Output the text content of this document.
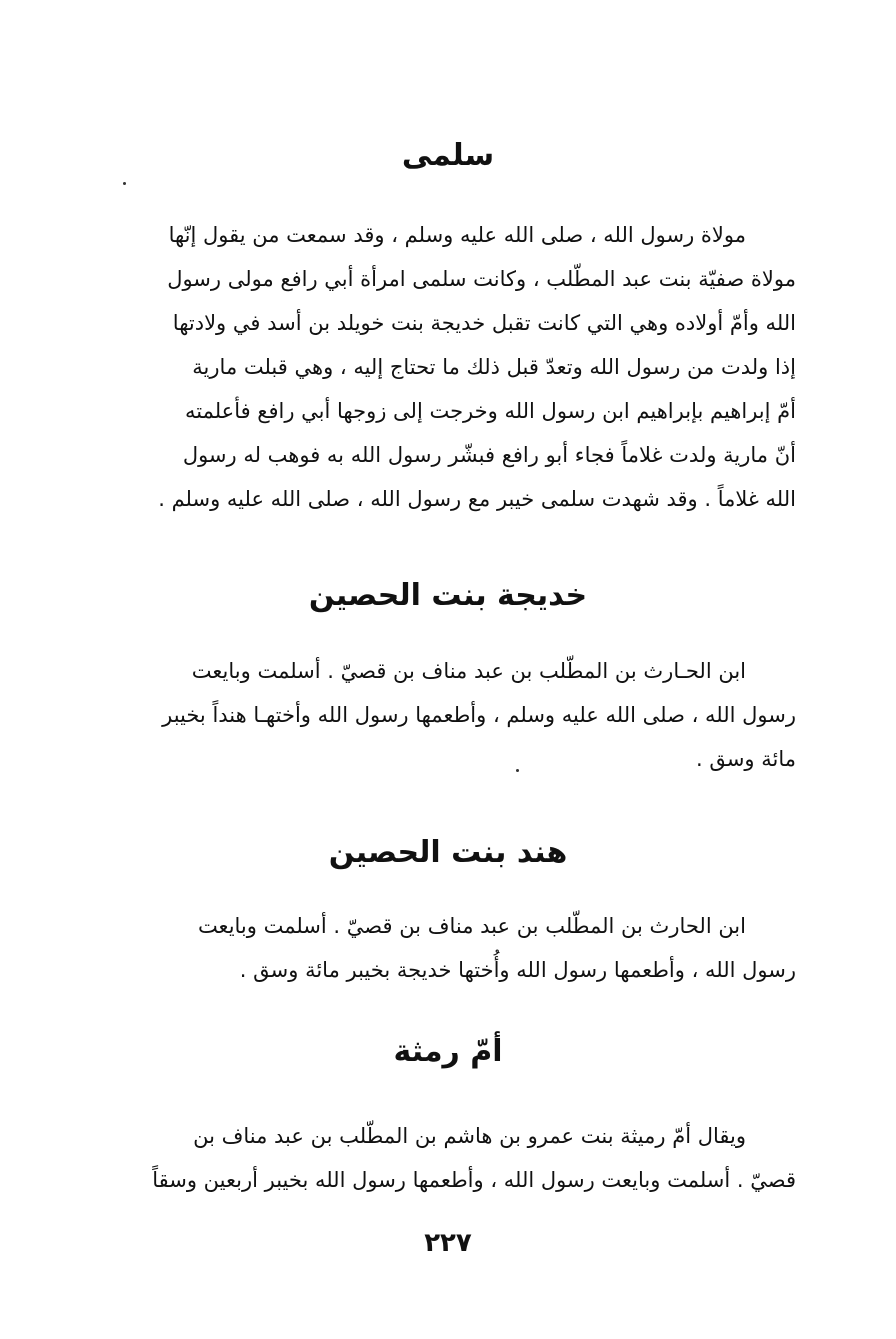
سلمى
مولاة رسول الله ، صلى الله عليه وسلم ، وقد سمعت من يقول إنّها
مولاة صفيّة بنت عبد المطّلب ، وكانت سلمى امرأة أبي رافع مولى رسول
الله وأمّ أولاده وهي التي كانت تقبل خديجة بنت خويلد بن أسد في ولادتها
إذا ولدت من رسول الله وتعدّ قبل ذلك ما تحتاج إليه ، وهي قبلت مارية
أمّ إبراهيم بإبراهيم ابن رسول الله وخرجت إلى زوجها أبي رافع فأعلمته
أنّ مارية ولدت غلاماً فجاء أبو رافع فبشّر رسول الله به فوهب له رسول
الله غلاماً . وقد شهدت سلمى خيبر مع رسول الله ، صلى الله عليه وسلم .
خديجة بنت الحصين
ابن الحـارث بن المطّلب بن عبد مناف بن قصيّ . أسلمت وبايعت
رسول الله ، صلى الله عليه وسلم ، وأطعمها رسول الله وأختهـا هنداً بخيبر
مائة وسق .
هند بنت الحصين
ابن الحارث بن المطّلب بن عبد مناف بن قصيّ . أسلمت وبايعت
رسول الله ، وأطعمها رسول الله وأُختها خديجة بخيبر مائة وسق .
أمّ رمثة
ويقال أمّ رميثة بنت عمرو بن هاشم بن المطّلب بن عبد مناف بن
قصيّ . أسلمت وبايعت رسول الله ، وأطعمها رسول الله بخيبر أربعين وسقاً
٢٢٧
